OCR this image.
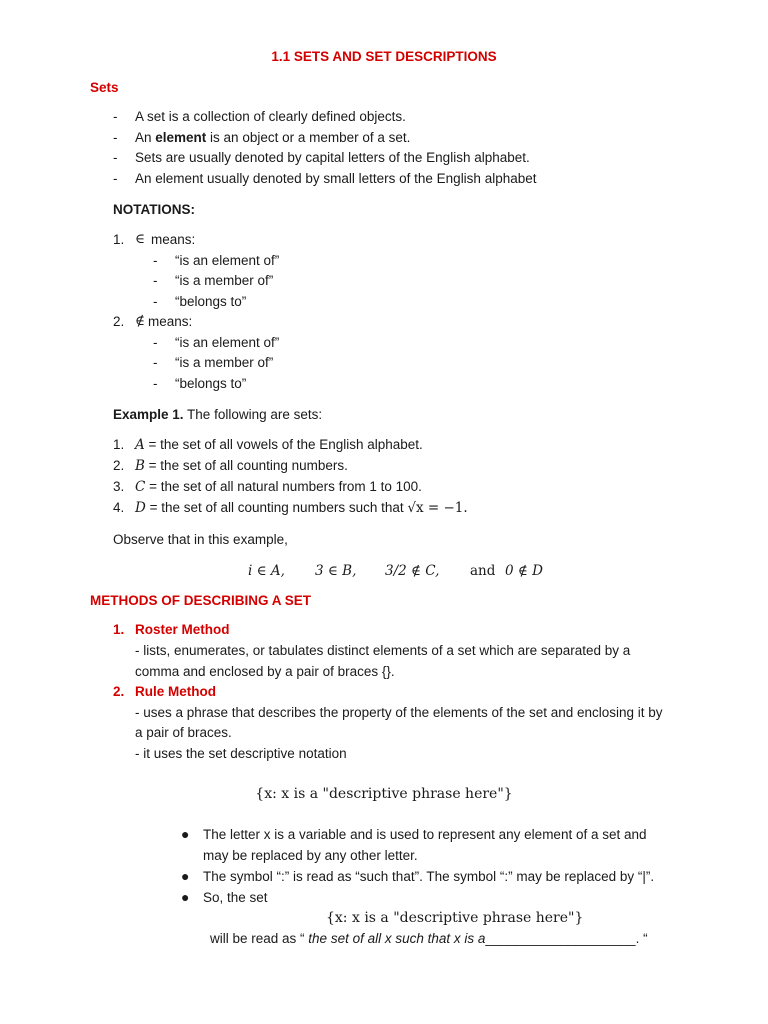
1.1 SETS AND SET DESCRIPTIONS
Sets
- A set is a collection of clearly defined objects.
- An element is an object or a member of a set.
- Sets are usually denoted by capital letters of the English alphabet.
- An element usually denoted by small letters of the English alphabet
NOTATIONS:
1. ∈ means:
- “is an element of”
- “is a member of”
- “belongs to”
2. ∉ means:
- “is an element of”
- “is a member of”
- “belongs to”
Example 1. The following are sets:
1. A = the set of all vowels of the English alphabet.
2. B = the set of all counting numbers.
3. C = the set of all natural numbers from 1 to 100.
4. D = the set of all counting numbers such that √x = −1.
Observe that in this example,
i ∈ A, 3 ∈ B, 3/2 ∉ C, and 0 ∉ D
METHODS OF DESCRIBING A SET
1. Roster Method
- lists, enumerates, or tabulates distinct elements of a set which are separated by a
comma and enclosed by a pair of braces {}.
2. Rule Method
- uses a phrase that describes the property of the elements of the set and enclosing it by
a pair of braces.
- it uses the set descriptive notation
{x: x is a "descriptive phrase here"}
● The letter x is a variable and is used to represent any element of a set and
may be replaced by any other letter.
● The symbol “:” is read as “such that”. The symbol “:” may be replaced by “|”.
● So, the set
{x: x is a "descriptive phrase here"}
will be read as “ the set of all x such that x is a____________________. “
